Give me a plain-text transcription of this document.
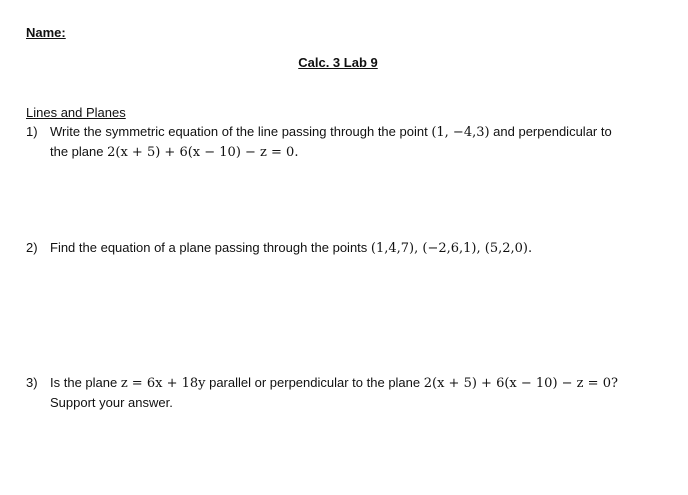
Name:
Calc. 3 Lab 9
Lines and Planes
1) Write the symmetric equation of the line passing through the point (1, −4,3) and perpendicular to
the plane 2(x + 5) + 6(x − 10) − z = 0.
2) Find the equation of a plane passing through the points (1,4,7), (−2,6,1), (5,2,0).
3) Is the plane z = 6x + 18y parallel or perpendicular to the plane 2(x + 5) + 6(x − 10) − z = 0?
Support your answer.
